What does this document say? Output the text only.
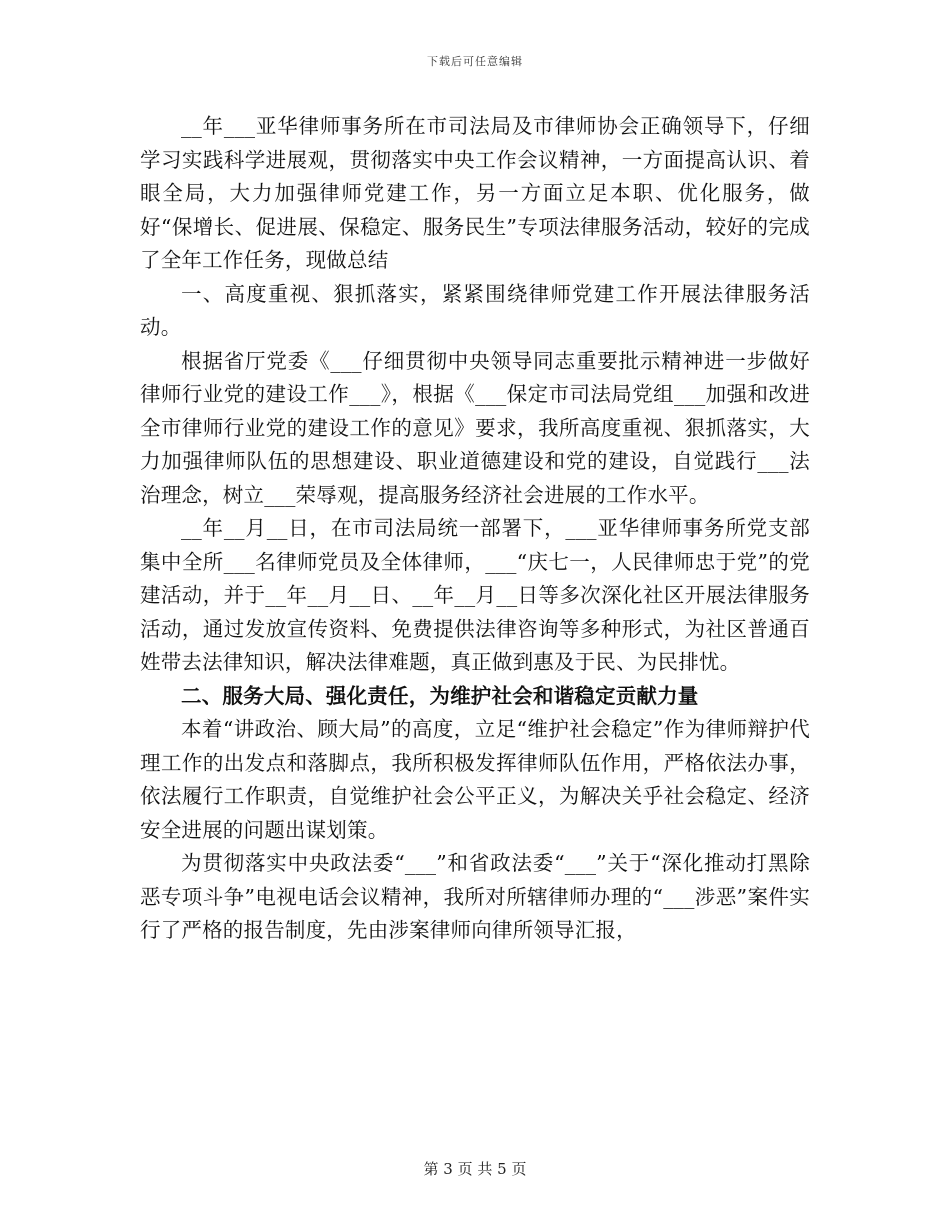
下载后可任意编辑

__年___亚华律师事务所在市司法局及市律师协会正确领导下，仔细学习实践科学进展观，贯彻落实中央工作会议精神，一方面提高认识、着眼全局，大力加强律师党建工作，另一方面立足本职、优化服务，做好“保增长、促进展、保稳定、服务民生”专项法律服务活动，较好的完成了全年工作任务，现做总结

一、高度重视、狠抓落实，紧紧围绕律师党建工作开展法律服务活动。

根据省厅党委《___仔细贯彻中央领导同志重要批示精神进一步做好律师行业党的建设工作___》，根据《___保定市司法局党组___加强和改进全市律师行业党的建设工作的意见》要求，我所高度重视、狠抓落实，大力加强律师队伍的思想建设、职业道德建设和党的建设，自觉践行___法治理念，树立___荣辱观，提高服务经济社会进展的工作水平。

__年__月__日，在市司法局统一部署下，___亚华律师事务所党支部集中全所___名律师党员及全体律师，___“庆七一，人民律师忠于党”的党建活动，并于__年__月__日、__年__月__日等多次深化社区开展法律服务活动，通过发放宣传资料、免费提供法律咨询等多种形式，为社区普通百姓带去法律知识，解决法律难题，真正做到惠及于民、为民排忧。

二、服务大局、强化责任，为维护社会和谐稳定贡献力量

本着“讲政治、顾大局”的高度，立足“维护社会稳定”作为律师辩护代理工作的出发点和落脚点，我所积极发挥律师队伍作用，严格依法办事，依法履行工作职责，自觉维护社会公平正义，为解决关乎社会稳定、经济安全进展的问题出谋划策。

为贯彻落实中央政法委“___”和省政法委“___”关于“深化推动打黑除恶专项斗争”电视电话会议精神，我所对所辖律师办理的“___涉恶”案件实行了严格的报告制度，先由涉案律师向律所领导汇报，

第 3 页 共 5 页
